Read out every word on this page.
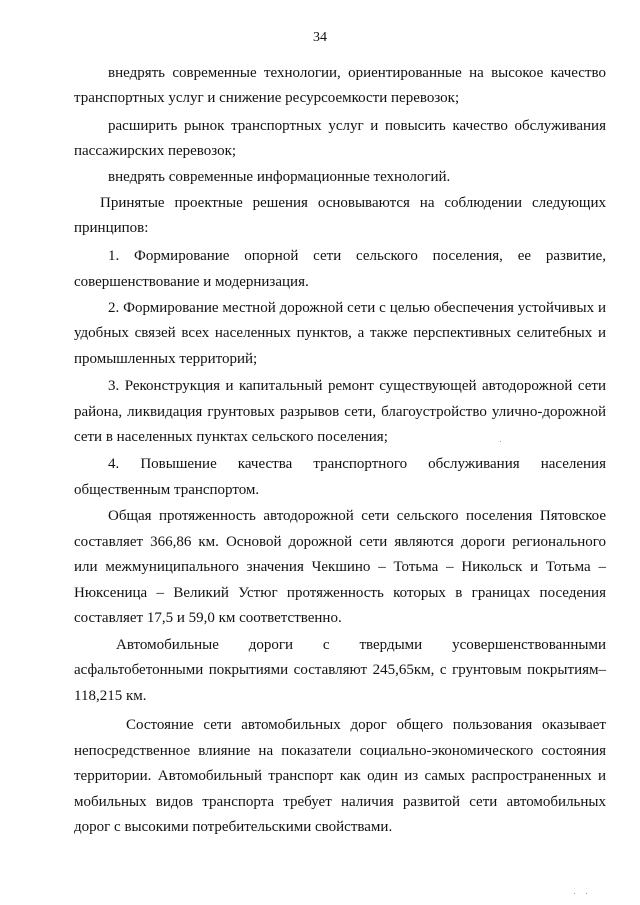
34
внедрять современные технологии, ориентированные на высокое качество
транспортных услуг и снижение ресурсоемкости перевозок;
расширить рынок транспортных услуг и повысить качество обслуживания
пассажирских перевозок;
внедрять современные информационные технологий.
Принятые проектные решения основываются на соблюдении следующих
принципов:
1. Формирование опорной сети сельского поселения, ее развитие,
совершенствование и модернизация.
2. Формирование местной дорожной сети с целью обеспечения устойчивых и
удобных связей всех населенных пунктов, а также перспективных селитебных и
промышленных территорий;
3. Реконструкция и капитальный ремонт существующей автодорожной сети
района, ликвидация грунтовых разрывов сети, благоустройство улично-дорожной
сети в населенных пунктах сельского поселения;
4. Повышение качества транспортного обслуживания населения
общественным транспортом.
Общая протяженность автодорожной сети сельского поселения Пятовское
составляет 366,86 км. Основой дорожной сети являются дороги регионального
или межмуниципального значения Чекшино – Тотьма – Никольск и Тотьма –
Нюксеница – Великий Устюг протяженность которых в границах поседения
составляет 17,5 и 59,0 км соответственно.
Автомобильные дороги с твердыми усовершенствованными
асфальтобетонными покрытиями составляют 245,65км, с грунтовым покрытиям–
118,215 км.
Состояние сети автомобильных дорог общего пользования оказывает
непосредственное влияние на показатели социально-экономического состояния
территории. Автомобильный транспорт как один из самых распространенных и
мобильных видов транспорта требует наличия развитой сети автомобильных
дорог с высокими потребительскими свойствами.
